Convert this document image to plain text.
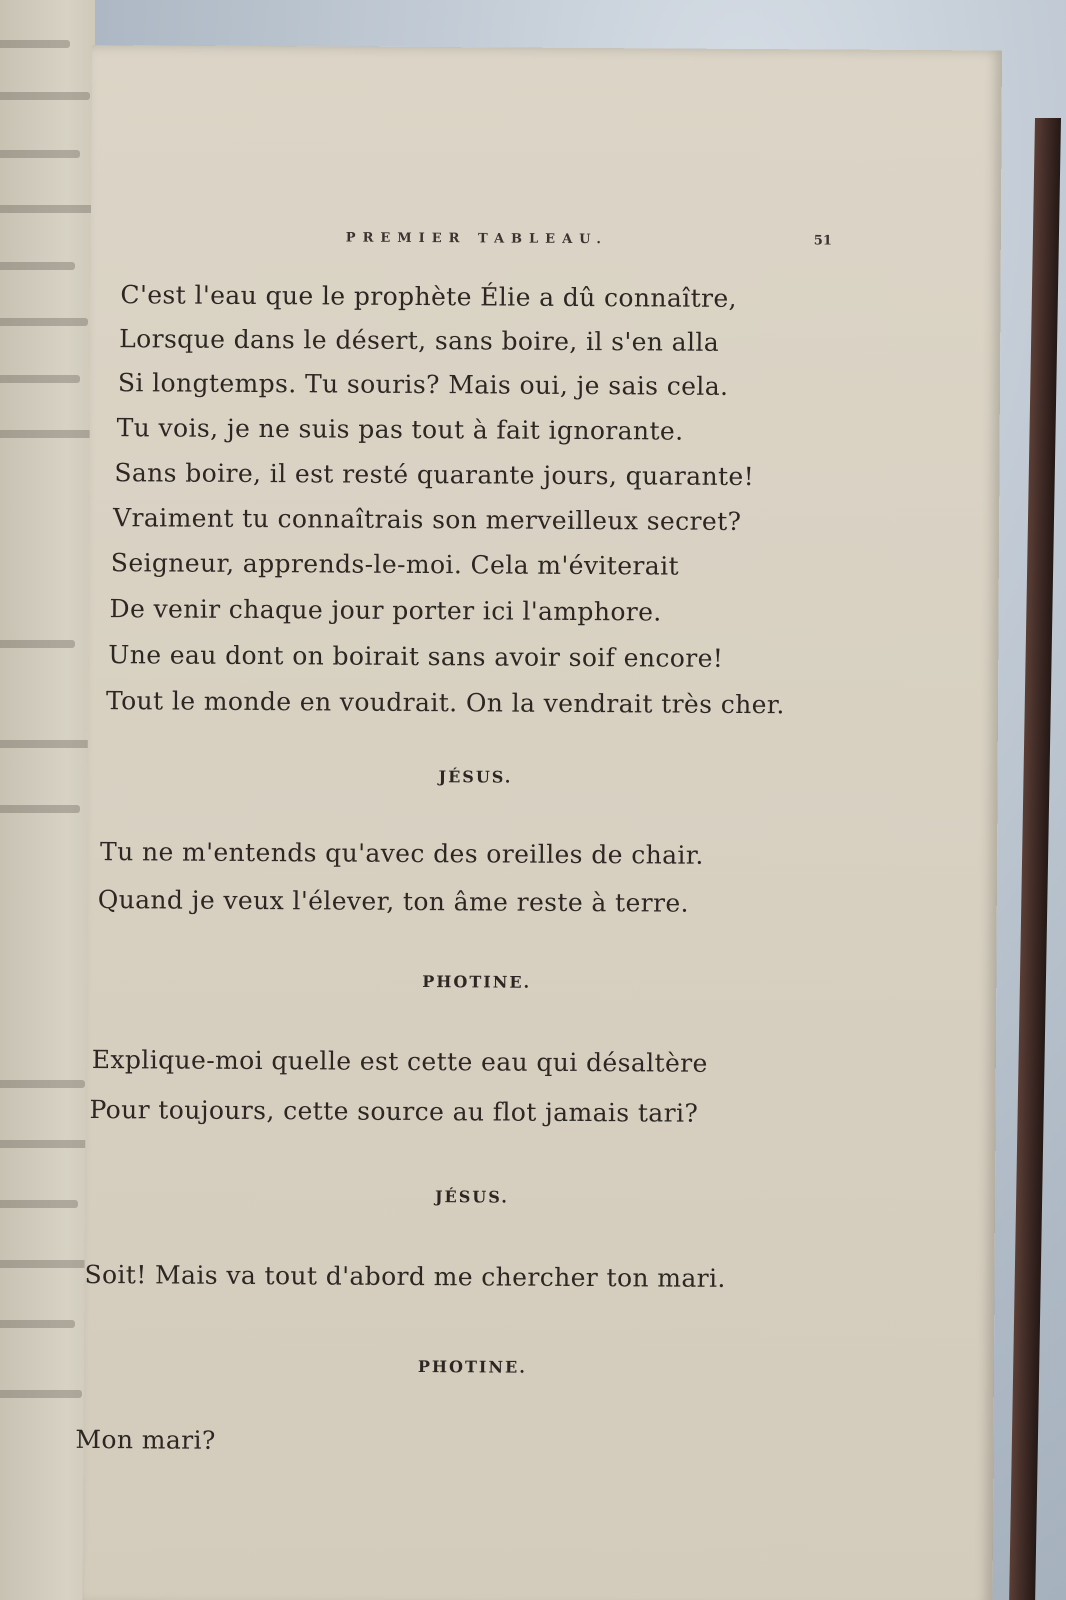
PREMIER TABLEAU.	51
C'est l'eau que le prophète Élie a dû connaître,
Lorsque dans le désert, sans boire, il s'en alla
Si longtemps. Tu souris? Mais oui, je sais cela.
Tu vois, je ne suis pas tout à fait ignorante.
Sans boire, il est resté quarante jours, quarante!
Vraiment tu connaîtrais son merveilleux secret?
Seigneur, apprends-le-moi. Cela m'éviterait
De venir chaque jour porter ici l'amphore.
Une eau dont on boirait sans avoir soif encore!
Tout le monde en voudrait. On la vendrait très cher.
JÉSUS.
Tu ne m'entends qu'avec des oreilles de chair.
Quand je veux l'élever, ton âme reste à terre.
PHOTINE.
Explique-moi quelle est cette eau qui désaltère
Pour toujours, cette source au flot jamais tari?
JÉSUS.
Soit! Mais va tout d'abord me chercher ton mari.
PHOTINE.
Mon mari?
